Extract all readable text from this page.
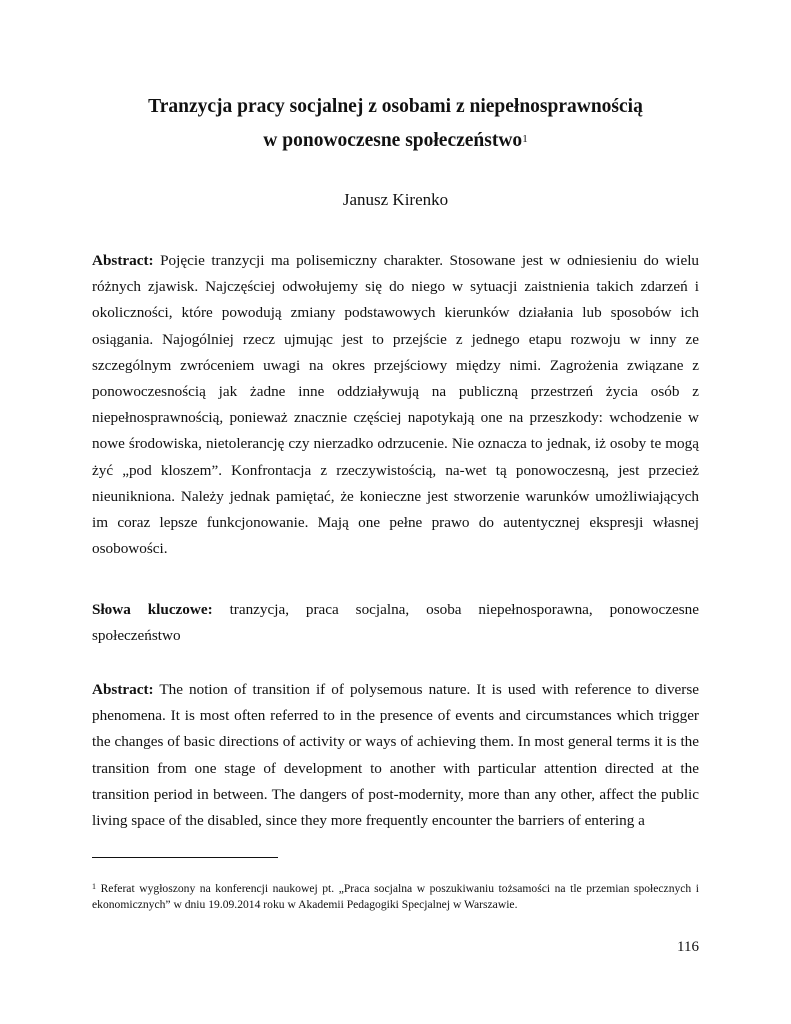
Tranzycja pracy socjalnej z osobami z niepełnosprawnością
w ponowoczesne społeczeństwo$^1$
Janusz Kirenko

Abstract: Pojęcie tranzycji ma polisemiczny charakter. Stosowane jest w odniesieniu do wielu różnych zjawisk. Najczęściej odwołujemy się do niego w sytuacji zaistnienia takich zdarzeń i okoliczności, które powodują zmiany podstawowych kierunków działania lub sposobów ich osiągania. Najogólniej rzecz ujmując jest to przejście z jednego etapu rozwoju w inny ze szczególnym zwróceniem uwagi na okres przejściowy między nimi. Zagrożenia związane z ponowoczesnością jak żadne inne oddziaływują na publiczną przestrzeń życia osób z niepełnosprawnością, ponieważ znacznie częściej napotykają one na przeszkody: wchodzenie w nowe środowiska, nietolerancję czy nierzadko odrzucenie. Nie oznacza to jednak, iż osoby te mogą żyć „pod kloszem”. Konfrontacja z rzeczywistością, na-wet tą ponowoczesną, jest przecież nieunikniona. Należy jednak pamiętać, że konieczne jest stworzenie warunków umożliwiających im coraz lepsze funkcjonowanie. Mają one pełne prawo do autentycznej ekspresji własnej osobowości.

Słowa kluczowe: tranzycja, praca socjalna, osoba niepełnosporawna, ponowoczesne społeczeństwo

Abstract: The notion of transition if of polysemous nature. It is used with reference to diverse phenomena. It is most often referred to in the presence of events and circumstances which trigger the changes of basic directions of activity or ways of achieving them. In most general terms it is the transition from one stage of development to another with particular attention directed at the transition period in between. The dangers of post-modernity, more than any other, affect the public living space of the disabled, since they more frequently encounter the barriers of entering a

$^1$ Referat wygłoszony na konferencji naukowej pt. „Praca socjalna w poszukiwaniu tożsamości na tle przemian społecznych i ekonomicznych” w dniu 19.09.2014 roku w Akademii Pedagogiki Specjalnej w Warszawie.

116
